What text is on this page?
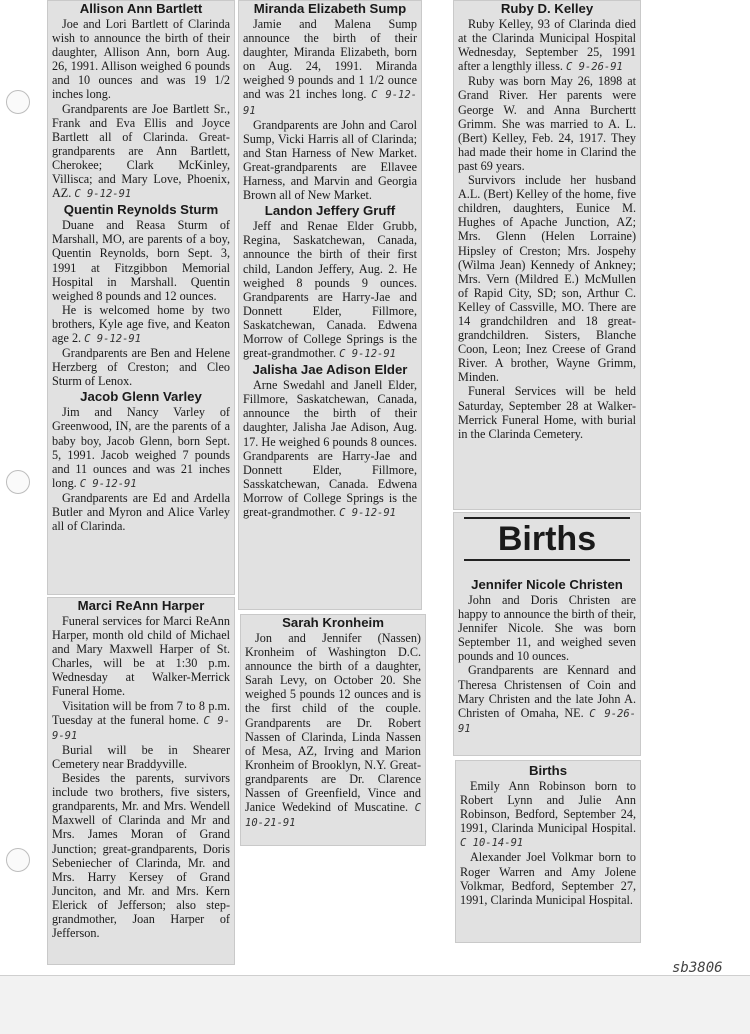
Allison Ann Bartlett

Joe and Lori Bartlett of Clarinda wish to announce the birth of their daughter, Allison Ann, born Aug. 26, 1991. Allison weighed 6 pounds and 10 ounces and was 19 1/2 inches long.

Grandparents are Joe Bartlett Sr., Frank and Eva Ellis and Joyce Bartlett all of Clarinda. Great-grandparents are Ann Bartlett, Cherokee; Clark McKinley, Villisca; and Mary Love, Phoenix, AZ. C 9-12-91

Quentin Reynolds Sturm

Duane and Reasa Sturm of Marshall, MO, are parents of a boy, Quentin Reynolds, born Sept. 3, 1991 at Fitzgibbon Memorial Hospital in Marshall. Quentin weighed 8 pounds and 12 ounces.

He is welcomed home by two brothers, Kyle age five, and Keaton age 2. C 9-12-91

Grandparents are Ben and Helene Herzberg of Creston; and Cleo Sturm of Lenox.

Jacob Glenn Varley

Jim and Nancy Varley of Greenwood, IN, are the parents of a baby boy, Jacob Glenn, born Sept. 5, 1991. Jacob weighed 7 pounds and 11 ounces and was 21 inches long. C 9-12-91

Grandparents are Ed and Ardella Butler and Myron and Alice Varley all of Clarinda.

Marci ReAnn Harper

Funeral services for Marci ReAnn Harper, month old child of Michael and Mary Maxwell Harper of St. Charles, will be at 1:30 p.m. Wednesday at Walker-Merrick Funeral Home.

Visitation will be from 7 to 8 p.m. Tuesday at the funeral home. C 9-9-91

Burial will be in Shearer Cemetery near Braddyville.

Besides the parents, survivors include two brothers, five sisters, grandparents, Mr. and Mrs. Wendell Maxwell of Clarinda and Mr and Mrs. James Moran of Grand Junction; great-grandparents, Doris Sebeniecher of Clarinda, Mr. and Mrs. Harry Kersey of Grand Junciton, and Mr. and Mrs. Kern Elerick of Jefferson; also step-grandmother, Joan Harper of Jefferson.

Miranda Elizabeth Sump

Jamie and Malena Sump announce the birth of their daughter, Miranda Elizabeth, born on Aug. 24, 1991. Miranda weighed 9 pounds and 1 1/2 ounce and was 21 inches long. C 9-12-91

Grandparents are John and Carol Sump, Vicki Harris all of Clarinda; and Stan Harness of New Market. Great-grandparents are Ellavee Harness, and Marvin and Georgia Brown all of New Market.

Landon Jeffery Gruff

Jeff and Renae Elder Grubb, Regina, Saskatchewan, Canada, announce the birth of their first child, Landon Jeffery, Aug. 2. He weighed 8 pounds 9 ounces. Grandparents are Harry-Jae and Donnett Elder, Fillmore, Saskatchewan, Canada. Edwena Morrow of College Springs is the great-grandmother. C 9-12-91

Jalisha Jae Adison Elder

Arne Swedahl and Janell Elder, Fillmore, Saskatchewan, Canada, announce the birth of their daughter, Jalisha Jae Adison, Aug. 17. He weighed 6 pounds 8 ounces. Grandparents are Harry-Jae and Donnett Elder, Fillmore, Sasskatchewan, Canada. Edwena Morrow of College Springs is the great-grandmother. C 9-12-91

Sarah Kronheim

Jon and Jennifer (Nassen) Kronheim of Washington D.C. announce the birth of a daughter, Sarah Levy, on October 20. She weighed 5 pounds 12 ounces and is the first child of the couple. Grandparents are Dr. Robert Nassen of Clarinda, Linda Nassen of Mesa, AZ, Irving and Marion Kronheim of Brooklyn, N.Y. Great-grandparents are Dr. Clarence Nassen of Greenfield, Vince and Janice Wedekind of Muscatine. C 10-21-91

Ruby D. Kelley

Ruby Kelley, 93 of Clarinda died at the Clarinda Municipal Hospital Wednesday, September 25, 1991 after a lengthly illess. C 9-26-91

Ruby was born May 26, 1898 at Grand River. Her parents were George W. and Anna Burchertt Grimm. She was married to A. L. (Bert) Kelley, Feb. 24, 1917. They had made their home in Clarind the past 69 years.

Survivors include her husband A.L. (Bert) Kelley of the home, five children, daughters, Eunice M. Hughes of Apache Junction, AZ; Mrs. Glenn (Helen Lorraine) Hipsley of Creston; Mrs. Jospehy (Wilma Jean) Kennedy of Ankney; Mrs. Vern (Mildred E.) McMullen of Rapid City, SD; son, Arthur C. Kelley of Cassville, MO. There are 14 grandchildren and 18 great-grandchildren. Sisters, Blanche Coon, Leon; Inez Creese of Grand River. A brother, Wayne Grimm, Minden.

Funeral Services will be held Saturday, September 28 at Walker-Merrick Funeral Home, with burial in the Clarinda Cemetery.

Births
Jennifer Nicole Christen

John and Doris Christen are happy to announce the birth of their, Jennifer Nicole. She was born September 11, and weighed seven pounds and 10 ounces.

Grandparents are Kennard and Theresa Christensen of Coin and Mary Christen and the late John A. Christen of Omaha, NE. C 9-26-91

Births

Emily Ann Robinson born to Robert Lynn and Julie Ann Robinson, Bedford, September 24, 1991, Clarinda Municipal Hospital. C 10-14-91

Alexander Joel Volkmar born to Roger Warren and Amy Jolene Volkmar, Bedford, September 27, 1991, Clarinda Municipal Hospital.

sb3806
